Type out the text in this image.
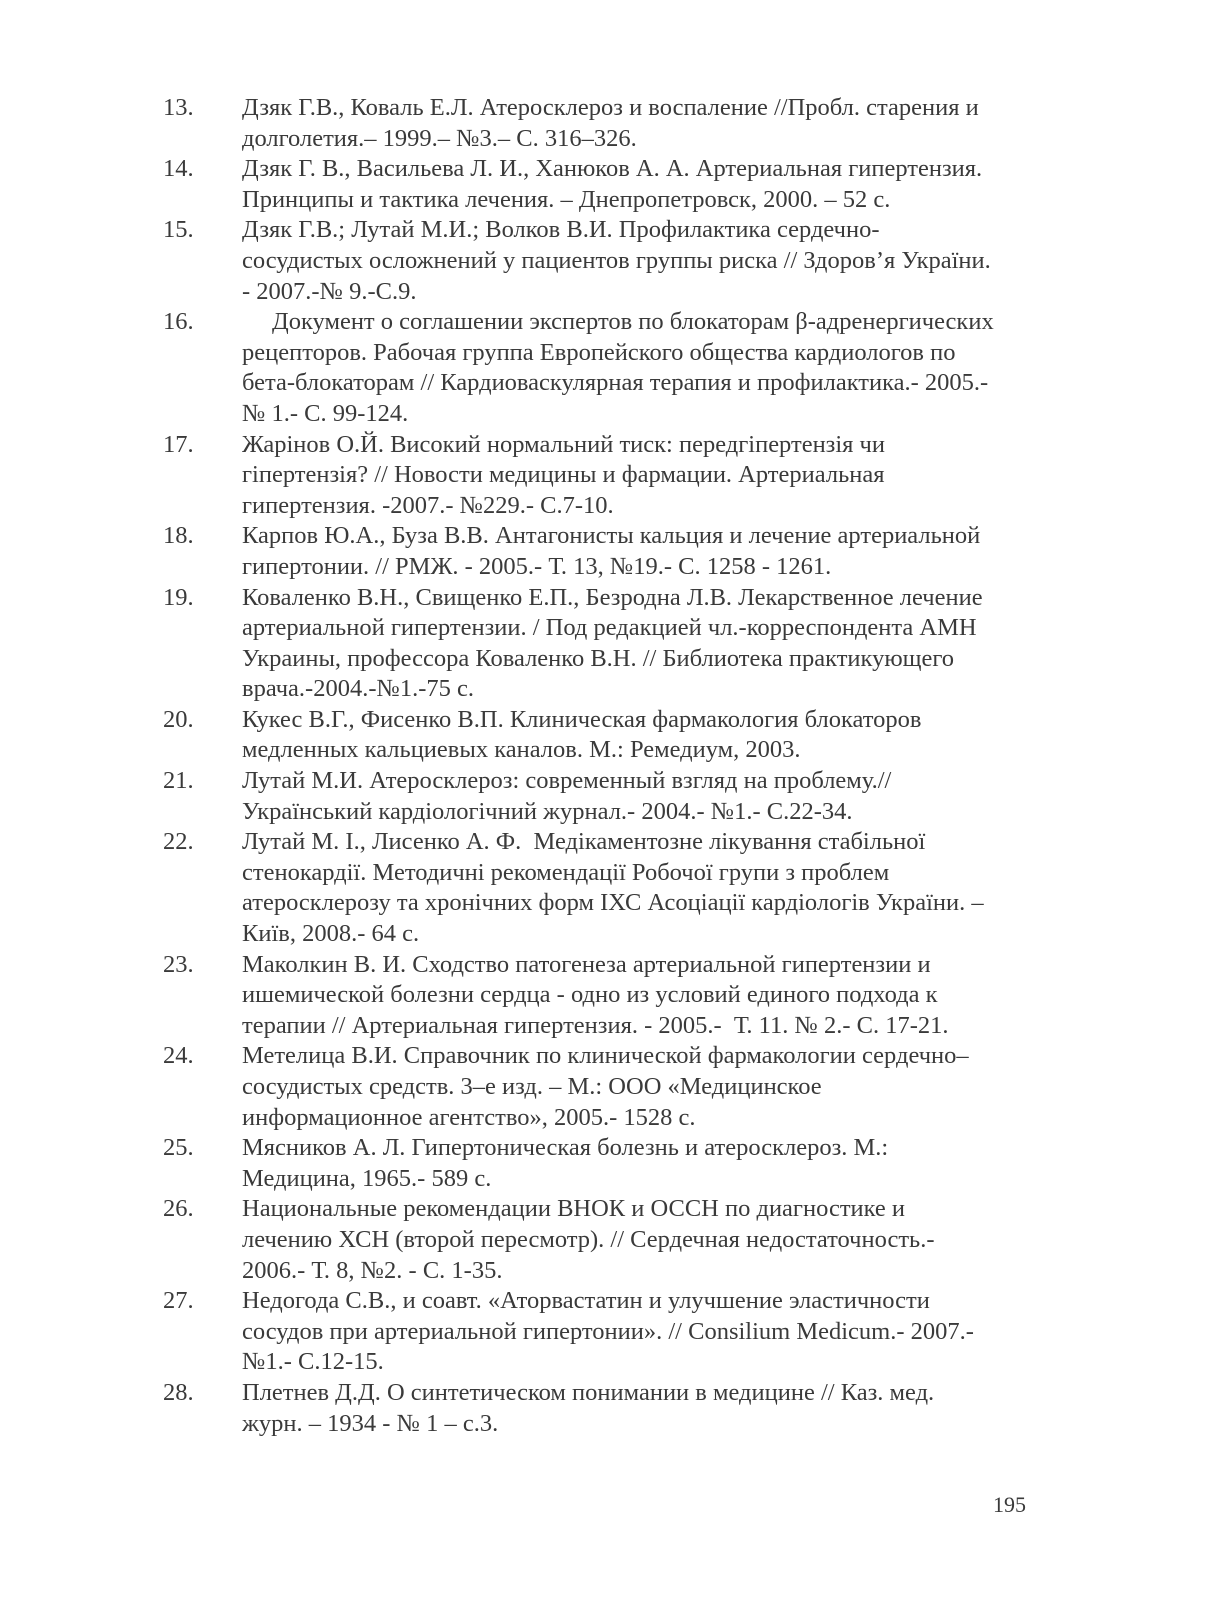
13. Дзяк Г.В., Коваль Е.Л. Атеросклероз и воспаление //Пробл. старения и
долголетия.– 1999.– №3.– С. 316–326.
14. Дзяк Г. В., Васильева Л. И., Ханюков А. А. Артериальная гипертензия.
Принципы и тактика лечения. – Днепропетровск, 2000. – 52 с.
15. Дзяк Г.В.; Лутай М.И.; Волков В.И. Профилактика сердечно-
сосудистых осложнений у пациентов группы риска // Здоров’я України.
- 2007.-№ 9.-С.9.
16.	Документ о соглашении экспертов по блокаторам β-адренергических
рецепторов. Рабочая группа Европейского общества кардиологов по
бета-блокаторам // Кардиоваскулярная терапия и профилактика.- 2005.-
№ 1.- С. 99-124.
17. Жарінов О.Й. Високий нормальний тиск: передгіпертензія чи
гіпертензія? // Новости медицины и фармации. Артериальная
гипертензия. -2007.- №229.- С.7-10.
18. Карпов Ю.А., Буза В.В. Антагонисты кальция и лечение артериальной
гипертонии. // РМЖ. - 2005.- Т. 13, №19.- С. 1258 - 1261.
19. Коваленко В.Н., Свищенко Е.П., Безродна Л.В. Лекарственное лечение
артериальной гипертензии. / Под редакцией чл.-корреспондента АМН
Украины, профессора Коваленко В.Н. // Библиотека практикующего
врача.-2004.-№1.-75 с.
20. Кукес В.Г., Фисенко В.П. Клиническая фармакология блокаторов
медленных кальциевых каналов. М.: Ремедиум, 2003.
21. Лутай М.И. Атеросклероз: современный взгляд на проблему.//
Український кардіологічний журнал.- 2004.- №1.- С.22-34.
22. Лутай М. І., Лисенко А. Ф.  Медікаментозне лікування стабільної
стенокардії. Методичні рекомендації Робочої групи з проблем
атеросклерозу та хронічних форм ІХС Асоціації кардіологів України. –
Київ, 2008.- 64 с.
23. Маколкин В. И. Сходство патогенеза артериальной гипертензии и
ишемической болезни сердца - одно из условий единого подхода к
терапии // Артериальная гипертензия. - 2005.-  Т. 11. № 2.- С. 17-21.
24. Метелица В.И. Справочник по клинической фармакологии сердечно–
сосудистых средств. 3–е изд. – М.: ООО «Медицинское
информационное агентство», 2005.- 1528 с.
25. Мясников А. Л. Гипертоническая болезнь и атеросклероз. М.:
Медицина, 1965.- 589 с.
26. Национальные рекомендации ВНОК и ОССН по диагностике и
лечению ХСН (второй пересмотр). // Сердечная недостаточность.-
2006.- Т. 8, №2. - С. 1-35.
27. Недогода С.В., и соавт. «Аторвастатин и улучшение эластичности
сосудов при артериальной гипертонии». // Consilium Medicum.- 2007.-
№1.- С.12-15.
28. Плетнев Д.Д. О синтетическом понимании в медицине // Каз. мед.
журн. – 1934 - № 1 – с.3.
195
